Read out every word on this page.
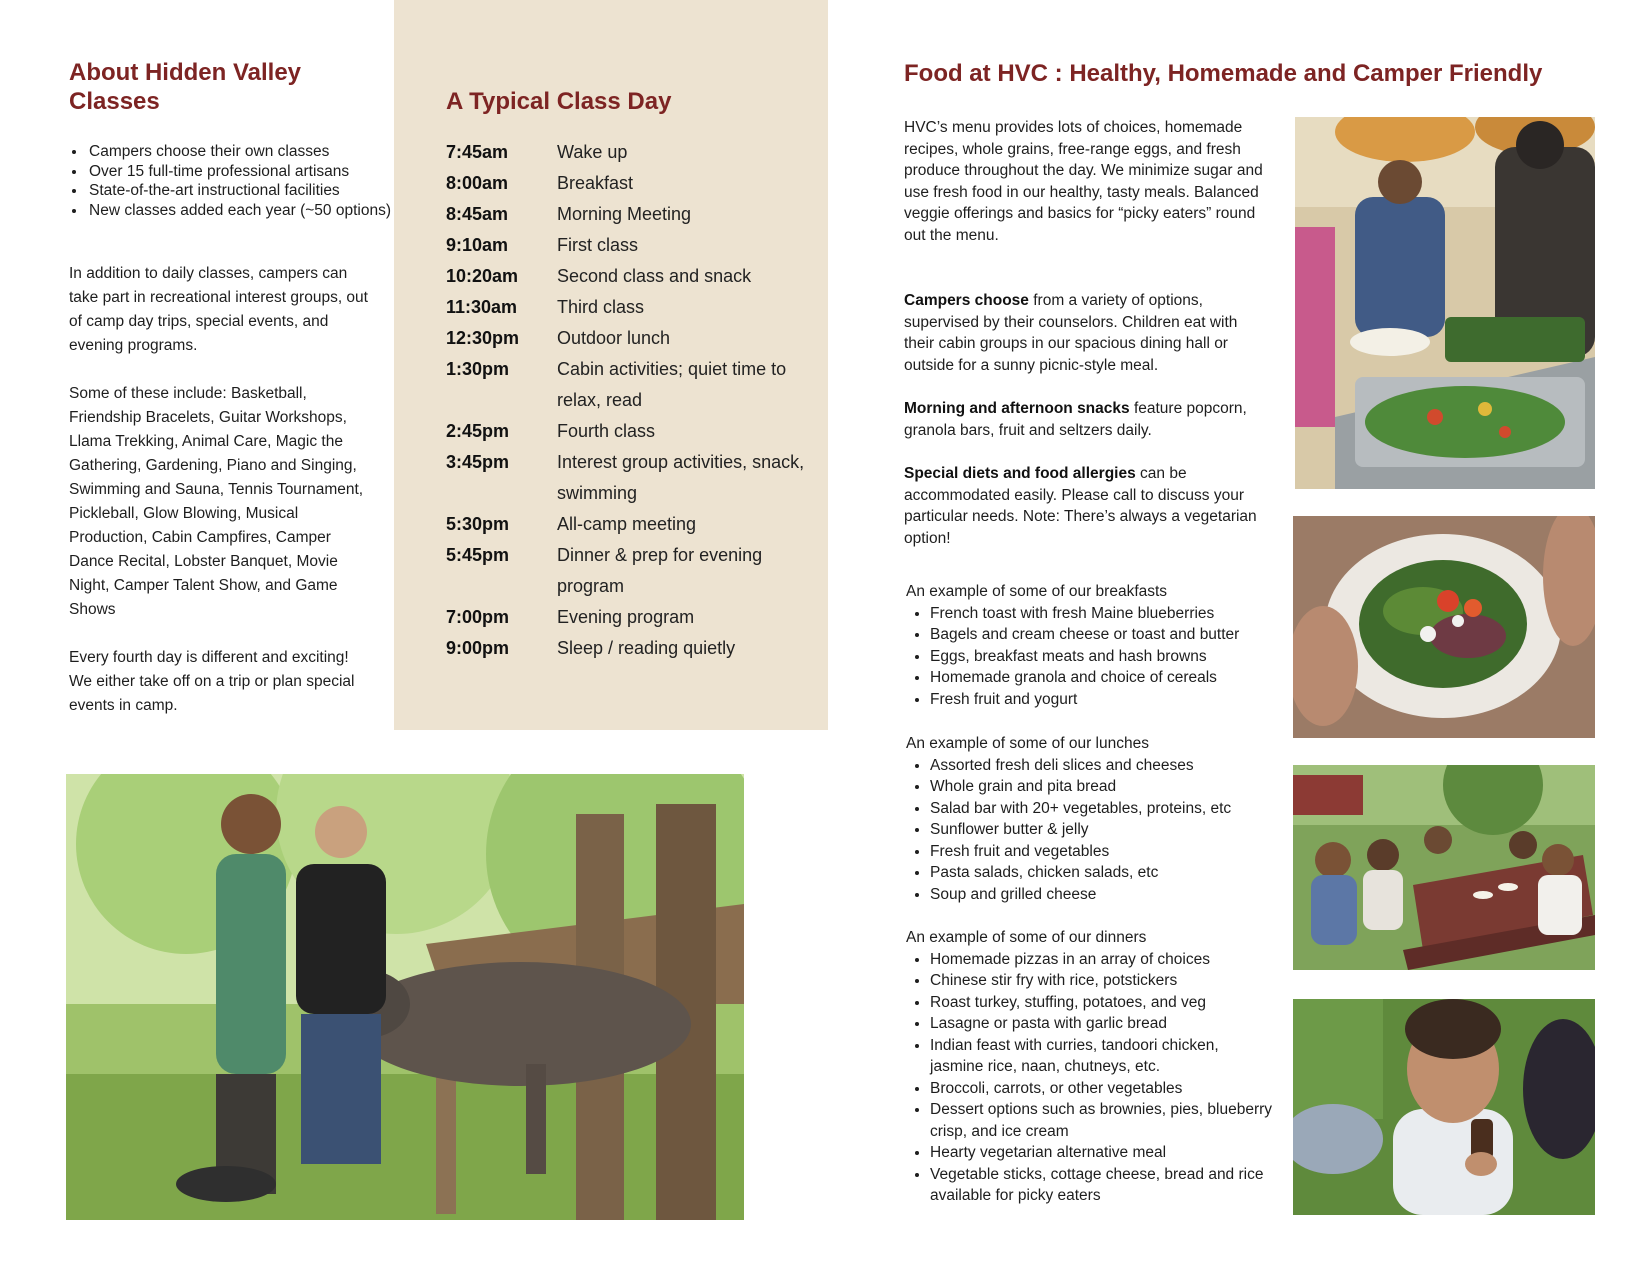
About Hidden Valley Classes
• Campers choose their own classes
• Over 15 full-time professional artisans
• State-of-the-art instructional facilities
• New classes added each year (~50 options)

In addition to daily classes, campers can take part in recreational interest groups, out of camp day trips, special events, and evening programs.

Some of these include: Basketball, Friendship Bracelets, Guitar Workshops, Llama Trekking, Animal Care, Magic the Gathering, Gardening, Piano and Singing, Swimming and Sauna, Tennis Tournament, Pickleball, Glow Blowing, Musical Production, Cabin Campfires, Camper Dance Recital, Lobster Banquet, Movie Night, Camper Talent Show, and Game Shows

Every fourth day is different and exciting! We either take off on a trip or plan special events in camp.

A Typical Class Day
7:45am	Wake up
8:00am	Breakfast
8:45am	Morning Meeting
9:10am	First class
10:20am	Second class and snack
11:30am	Third class
12:30pm	Outdoor lunch
1:30pm	Cabin activities; quiet time to relax, read
2:45pm	Fourth class
3:45pm	Interest group activities, snack, swimming
5:30pm	All-camp meeting
5:45pm	Dinner & prep for evening program
7:00pm	Evening program
9:00pm	Sleep / reading quietly
Food at HVC : Healthy, Homemade and Camper Friendly

HVC’s menu provides lots of choices, homemade recipes, whole grains, free-range eggs, and fresh produce throughout the day. We minimize sugar and use fresh food in our healthy, tasty meals. Balanced veggie offerings and basics for “picky eaters” round out the menu.

Campers choose from a variety of options, supervised by their counselors. Children eat with their cabin groups in our spacious dining hall or outside for a sunny picnic-style meal.

Morning and afternoon snacks feature popcorn, granola bars, fruit and seltzers daily.

Special diets and food allergies can be accommodated easily. Please call to discuss your particular needs. Note: There’s always a vegetarian option!

An example of some of our breakfasts
• French toast with fresh Maine blueberries
• Bagels and cream cheese or toast and butter
• Eggs, breakfast meats and hash browns
• Homemade granola and choice of cereals
• Fresh fruit and yogurt
An example of some of our lunches
• Assorted fresh deli slices and cheeses
• Whole grain and pita bread
• Salad bar with 20+ vegetables, proteins, etc
• Sunflower butter & jelly
• Fresh fruit and vegetables
• Pasta salads, chicken salads, etc
• Soup and grilled cheese
An example of some of our dinners
• Homemade pizzas in an array of choices
• Chinese stir fry with rice, potstickers
• Roast turkey, stuffing, potatoes, and veg
• Lasagne or pasta with garlic bread
• Indian feast with curries, tandoori chicken, jasmine rice, naan, chutneys, etc.
• Broccoli, carrots, or other vegetables
• Dessert options such as brownies, pies, blueberry crisp, and ice cream
• Hearty vegetarian alternative meal
• Vegetable sticks, cottage cheese, bread and rice available for picky eaters
